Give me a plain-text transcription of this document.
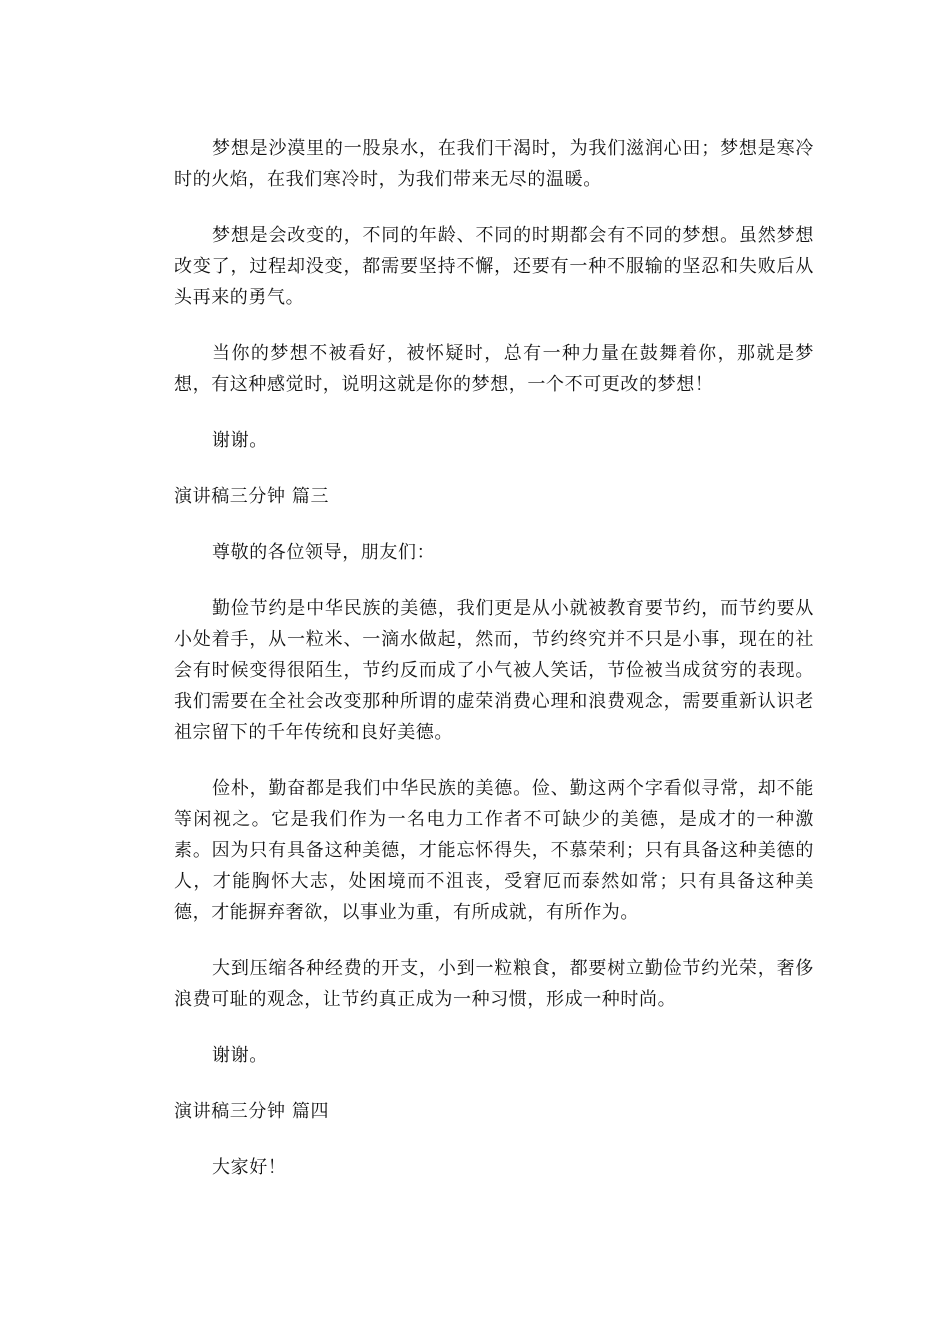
梦想是沙漠里的一股泉水，在我们干渴时，为我们滋润心田；梦想是寒冷时的火焰，在我们寒冷时，为我们带来无尽的温暖。

梦想是会改变的，不同的年龄、不同的时期都会有不同的梦想。虽然梦想改变了，过程却没变，都需要坚持不懈，还要有一种不服输的坚忍和失败后从头再来的勇气。

当你的梦想不被看好，被怀疑时，总有一种力量在鼓舞着你，那就是梦想，有这种感觉时，说明这就是你的梦想，一个不可更改的梦想！

谢谢。

演讲稿三分钟 篇三

尊敬的各位领导，朋友们：

勤俭节约是中华民族的美德，我们更是从小就被教育要节约，而节约要从小处着手，从一粒米、一滴水做起，然而，节约终究并不只是小事，现在的社会有时候变得很陌生，节约反而成了小气被人笑话，节俭被当成贫穷的表现。我们需要在全社会改变那种所谓的虚荣消费心理和浪费观念，需要重新认识老祖宗留下的千年传统和良好美德。

俭朴，勤奋都是我们中华民族的美德。俭、勤这两个字看似寻常，却不能等闲视之。它是我们作为一名电力工作者不可缺少的美德，是成才的一种激素。因为只有具备这种美德，才能忘怀得失，不慕荣利；只有具备这种美德的人，才能胸怀大志，处困境而不沮丧，受窘厄而泰然如常；只有具备这种美德，才能摒弃奢欲，以事业为重，有所成就，有所作为。

大到压缩各种经费的开支，小到一粒粮食，都要树立勤俭节约光荣，奢侈浪费可耻的观念，让节约真正成为一种习惯，形成一种时尚。

谢谢。

演讲稿三分钟 篇四

大家好！
